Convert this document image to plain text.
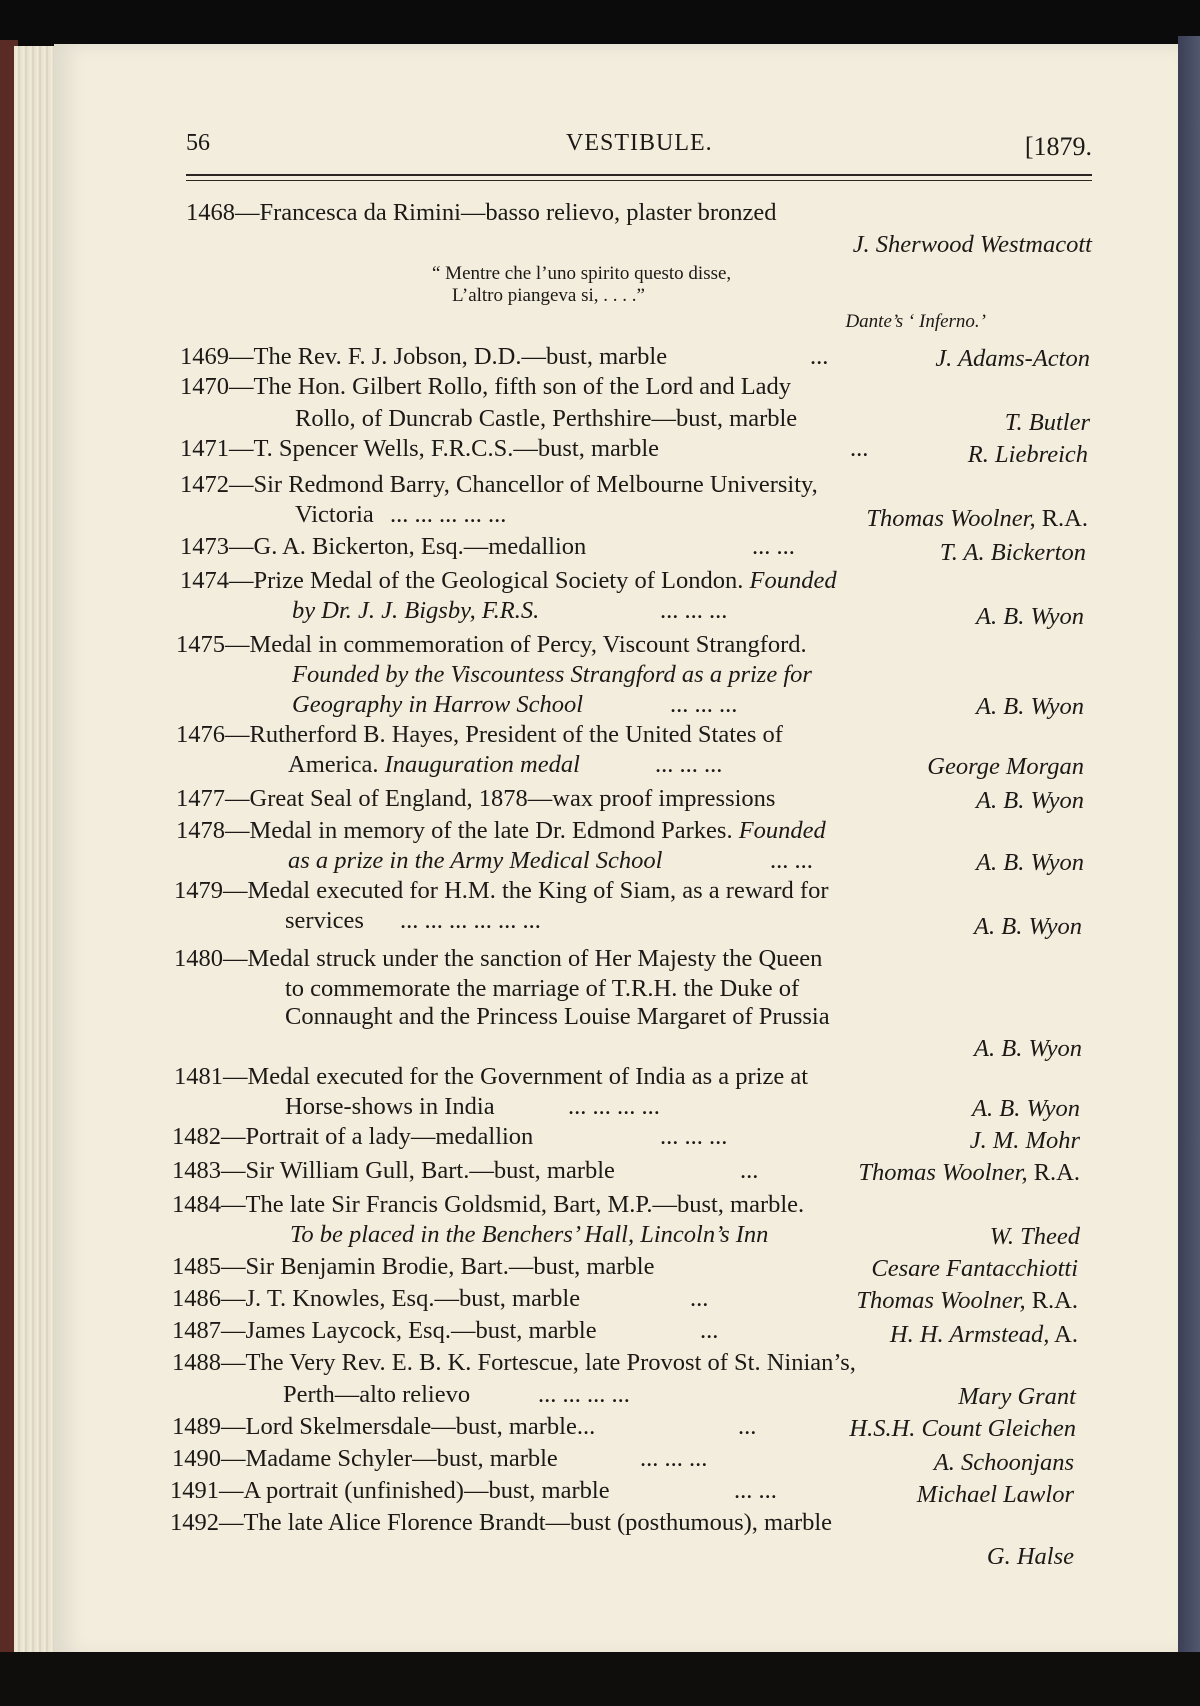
56	VESTIBULE.	[1879.
1468—Francesca da Rimini—basso relievo, plaster bronzed
J. Sherwood Westmacott
“ Mentre che l’uno spirito questo disse,
L’altro piangeva si, . . . .”
Dante’s ‘ Inferno.’
1469—The Rev. F. J. Jobson, D.D.—bust, marble	...	J. Adams-Acton
1470—The Hon. Gilbert Rollo, fifth son of the Lord and Lady
Rollo, of Duncrab Castle, Perthshire—bust, marble	T. Butler
1471—T. Spencer Wells, F.R.C.S.—bust, marble	...	R. Liebreich
1472—Sir Redmond Barry, Chancellor of Melbourne University,
Victoria ... ... ... ... ...	Thomas Woolner, R.A.
1473—G. A. Bickerton, Esq.—medallion	... ...	T. A. Bickerton
1474—Prize Medal of the Geological Society of London. Founded
by Dr. J. J. Bigsby, F.R.S.	... ... ...	A. B. Wyon
1475—Medal in commemoration of Percy, Viscount Strangford.
Founded by the Viscountess Strangford as a prize for
Geography in Harrow School	... ... ...	A. B. Wyon
1476—Rutherford B. Hayes, President of the United States of
America. Inauguration medal	... ... ...	George Morgan
1477—Great Seal of England, 1878—wax proof impressions	A. B. Wyon
1478—Medal in memory of the late Dr. Edmond Parkes. Founded
as a prize in the Army Medical School	... ...	A. B. Wyon
1479—Medal executed for H.M. the King of Siam, as a reward for
services ... ... ... ... ... ...	A. B. Wyon
1480—Medal struck under the sanction of Her Majesty the Queen
to commemorate the marriage of T.R.H. the Duke of
Connaught and the Princess Louise Margaret of Prussia
A. B. Wyon
1481—Medal executed for the Government of India as a prize at
Horse-shows in India	... ... ... ...	A. B. Wyon
1482—Portrait of a lady—medallion	... ... ...	J. M. Mohr
1483—Sir William Gull, Bart.—bust, marble	...	Thomas Woolner, R.A.
1484—The late Sir Francis Goldsmid, Bart, M.P.—bust, marble.
To be placed in the Benchers’ Hall, Lincoln’s Inn	W. Theed
1485—Sir Benjamin Brodie, Bart.—bust, marble	Cesare Fantacchiotti
1486—J. T. Knowles, Esq.—bust, marble	...	Thomas Woolner, R.A.
1487—James Laycock, Esq.—bust, marble	...	H. H. Armstead, A.
1488—The Very Rev. E. B. K. Fortescue, late Provost of St. Ninian’s,
Perth—alto relievo	... ... ... ...	Mary Grant
1489—Lord Skelmersdale—bust, marble...	...	H.S.H. Count Gleichen
1490—Madame Schyler—bust, marble	... ... ...	A. Schoonjans
1491—A portrait (unfinished)—bust, marble	... ...	Michael Lawlor
1492—The late Alice Florence Brandt—bust (posthumous), marble
G. Halse
